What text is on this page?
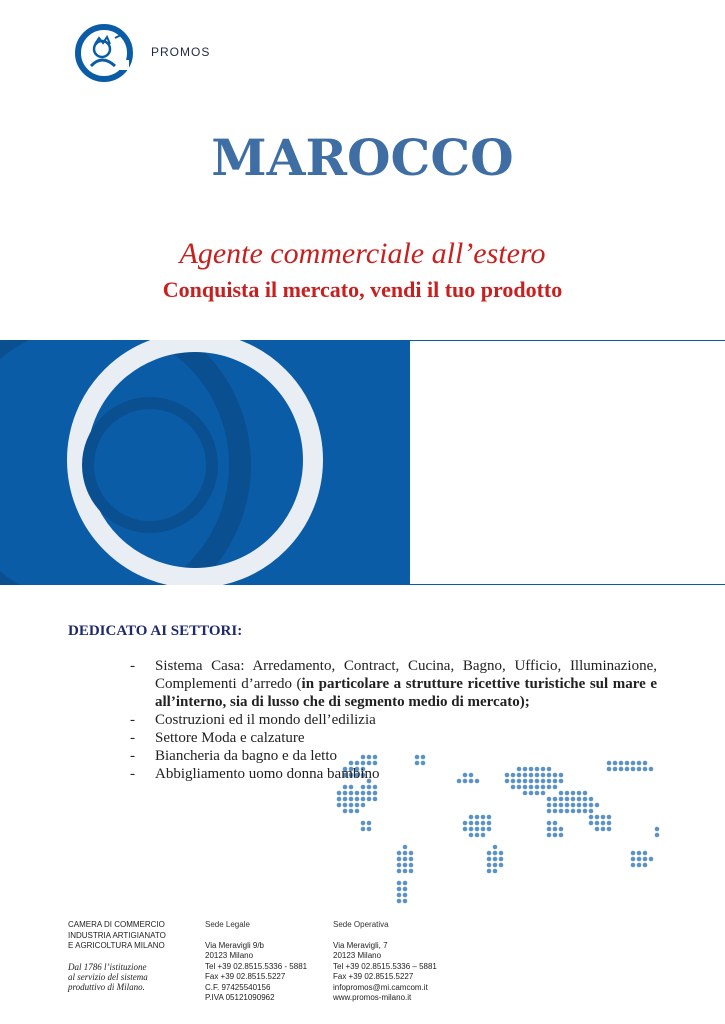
PROMOS
MAROCCO
Agente commerciale all’estero
Conquista il mercato, vendi il tuo prodotto
DEDICATO AI SETTORI:
- Sistema Casa: Arredamento, Contract, Cucina, Bagno, Ufficio, Illuminazione, Complementi d’arredo (in particolare a strutture ricettive turistiche sul mare e all’interno, sia di lusso che di segmento medio di mercato);
- Costruzioni ed il mondo dell’edilizia
- Settore Moda e calzature
- Biancheria da bagno e da letto
- Abbigliamento uomo donna bambino
CAMERA DI COMMERCIO
INDUSTRIA ARTIGIANATO
E AGRICOLTURA MILANO
Dal 1786 l’istituzione
al servizio del sistema
produttivo di Milano.
Sede Legale
Via Meravigli 9/b
20123 Milano
Tel +39 02.8515.5336 - 5881
Fax +39 02.8515.5227
C.F. 97425540156
P.IVA 05121090962
Sede Operativa
Via Meravigli, 7
20123 Milano
Tel +39 02.8515.5336 – 5881
Fax +39 02.8515.5227
infopromos@mi.camcom.it
www.promos-milano.it
